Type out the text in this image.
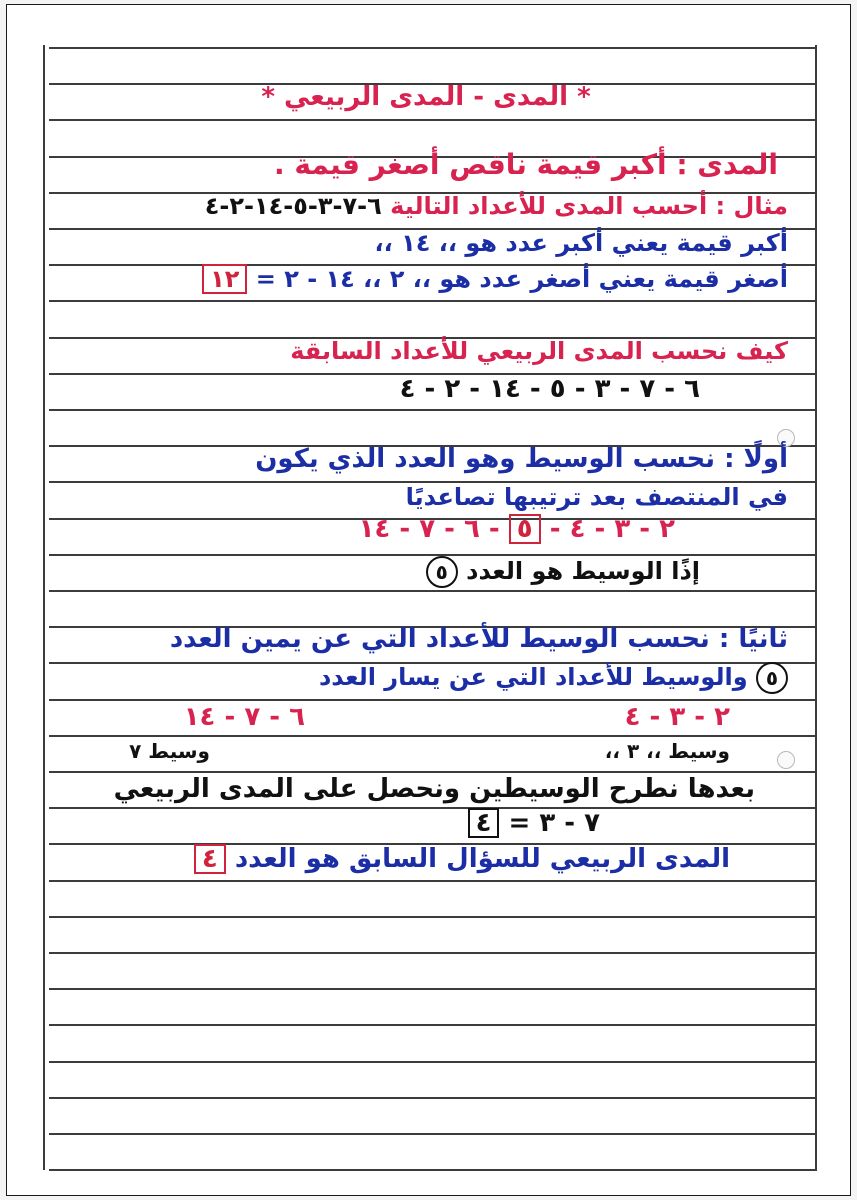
* المدى - المدى الربيعي *
المدى : أكبر قيمة ناقص أصغر قيمة .
مثال : أحسب المدى للأعداد التالية ٦-٧-٣-٥-١٤-٢-٤
أكبر قيمة يعني أكبر عدد هو ،، ١٤ ،،
أصغر قيمة يعني أصغر عدد هو ،، ٢ ،، ١٤ - ٢ = ١٢
كيف نحسب المدى الربيعي للأعداد السابقة
٦ - ٧ - ٣ - ٥ - ١٤ - ٢ - ٤
أولًا : نحسب الوسيط وهو العدد الذي يكون
في المنتصف بعد ترتيبها تصاعديًا
٢ - ٣ - ٤ - ٥ - ٦ - ٧ - ١٤
إذًا الوسيط هو العدد ٥
ثانيًا : نحسب الوسيط للأعداد التي عن يمين العدد
٥ والوسيط للأعداد التي عن يسار العدد
٢ - ٣ - ٤
٦ - ٧ - ١٤
وسيط ،، ٣ ،،
وسيط ٧
بعدها نطرح الوسيطين ونحصل على المدى الربيعي
٧ - ٣ = ٤
المدى الربيعي للسؤال السابق هو العدد ٤
